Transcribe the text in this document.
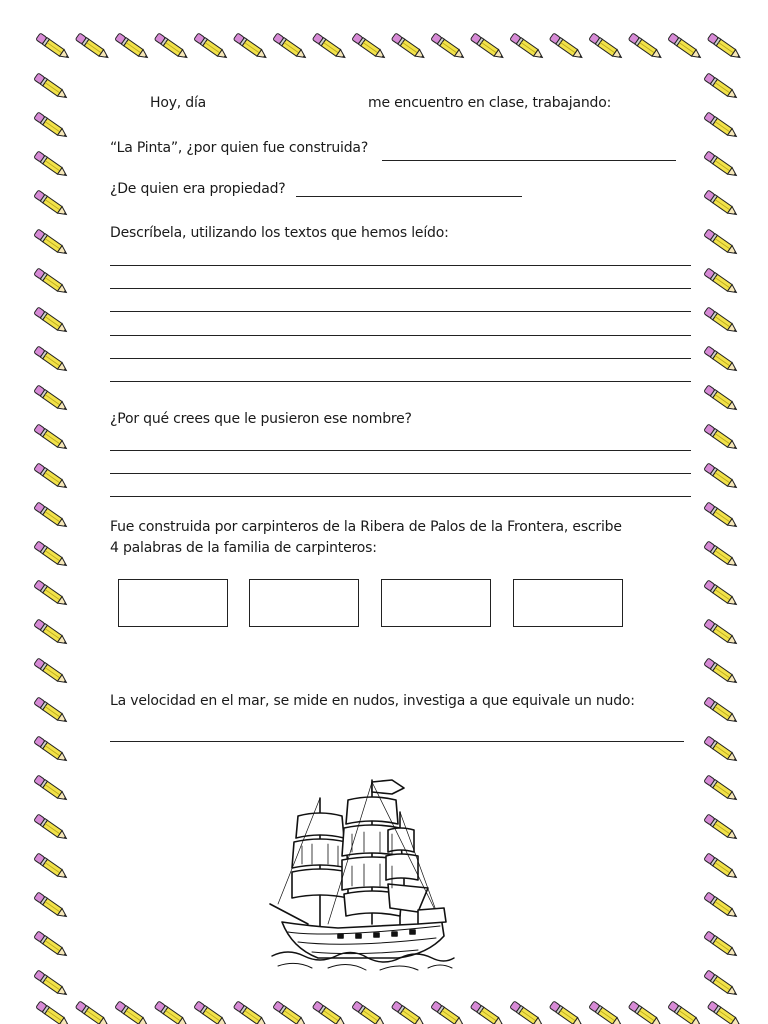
Hoy, día	me encuentro en clase, trabajando:
“La Pinta”, ¿por quien fue construida?
¿De quien era propiedad?
Descríbela, utilizando los textos que hemos leído:
¿Por qué crees que le pusieron ese nombre?
Fue construida por carpinteros de la Ribera de Palos de la Frontera, escribe
4 palabras de la familia de carpinteros:
La velocidad en el mar, se mide en nudos, investiga a que equivale un nudo:
